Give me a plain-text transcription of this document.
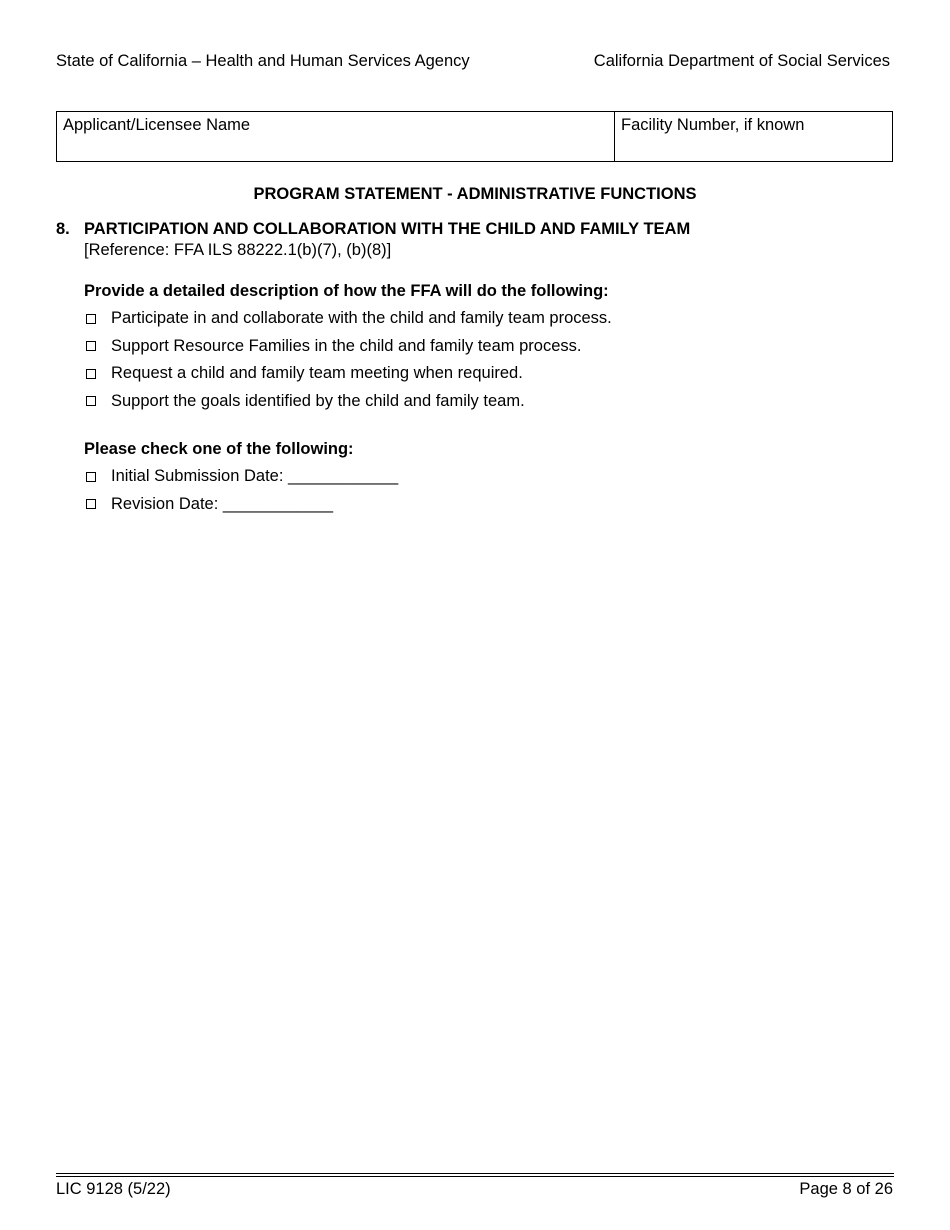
State of California – Health and Human Services Agency	California Department of Social Services
Applicant/Licensee Name	Facility Number, if known
PROGRAM STATEMENT - ADMINISTRATIVE FUNCTIONS
8. PARTICIPATION AND COLLABORATION WITH THE CHILD AND FAMILY TEAM
[Reference: FFA ILS 88222.1(b)(7), (b)(8)]
Provide a detailed description of how the FFA will do the following:
Participate in and collaborate with the child and family team process.
Support Resource Families in the child and family team process.
Request a child and family team meeting when required.
Support the goals identified by the child and family team.
Please check one of the following:
Initial Submission Date: ____________
Revision Date: ____________
LIC 9128 (5/22)	Page 8 of 26
